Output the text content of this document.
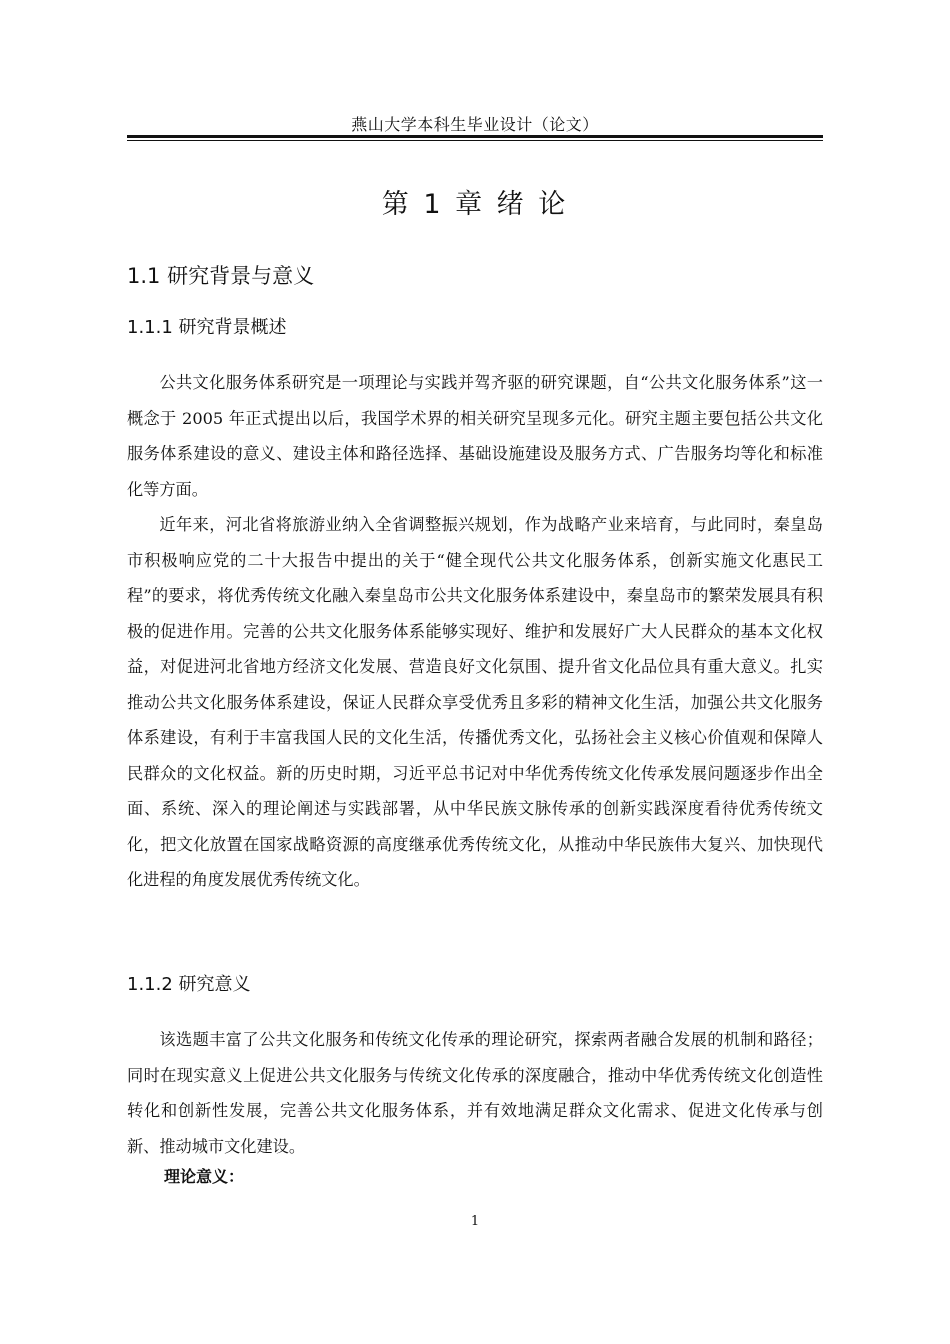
燕山大学本科生毕业设计（论文）
第 1 章 绪 论
1.1 研究背景与意义
1.1.1 研究背景概述

公共文化服务体系研究是一项理论与实践并驾齐驱的研究课题，自“公共文化服务体系”这一概念于 2005 年正式提出以后，我国学术界的相关研究呈现多元化。研究主题主要包括公共文化服务体系建设的意义、建设主体和路径选择、基础设施建设及服务方式、广告服务均等化和标准化等方面。

近年来，河北省将旅游业纳入全省调整振兴规划，作为战略产业来培育，与此同时，秦皇岛市积极响应党的二十大报告中提出的关于“健全现代公共文化服务体系，创新实施文化惠民工程”的要求，将优秀传统文化融入秦皇岛市公共文化服务体系建设中，秦皇岛市的繁荣发展具有积极的促进作用。完善的公共文化服务体系能够实现好、维护和发展好广大人民群众的基本文化权益，对促进河北省地方经济文化发展、营造良好文化氛围、提升省文化品位具有重大意义。扎实推动公共文化服务体系建设，保证人民群众享受优秀且多彩的精神文化生活，加强公共文化服务体系建设，有利于丰富我国人民的文化生活，传播优秀文化，弘扬社会主义核心价值观和保障人民群众的文化权益。新的历史时期，习近平总书记对中华优秀传统文化传承发展问题逐步作出全面、系统、深入的理论阐述与实践部署，从中华民族文脉传承的创新实践深度看待优秀传统文化，把文化放置在国家战略资源的高度继承优秀传统文化，从推动中华民族伟大复兴、加快现代化进程的角度发展优秀传统文化。

1.1.2 研究意义

该选题丰富了公共文化服务和传统文化传承的理论研究，探索两者融合发展的机制和路径；同时在现实意义上促进公共文化服务与传统文化传承的深度融合，推动中华优秀传统文化创造性转化和创新性发展，完善公共文化服务体系，并有效地满足群众文化需求、促进文化传承与创新、推动城市文化建设。

理论意义：
1
